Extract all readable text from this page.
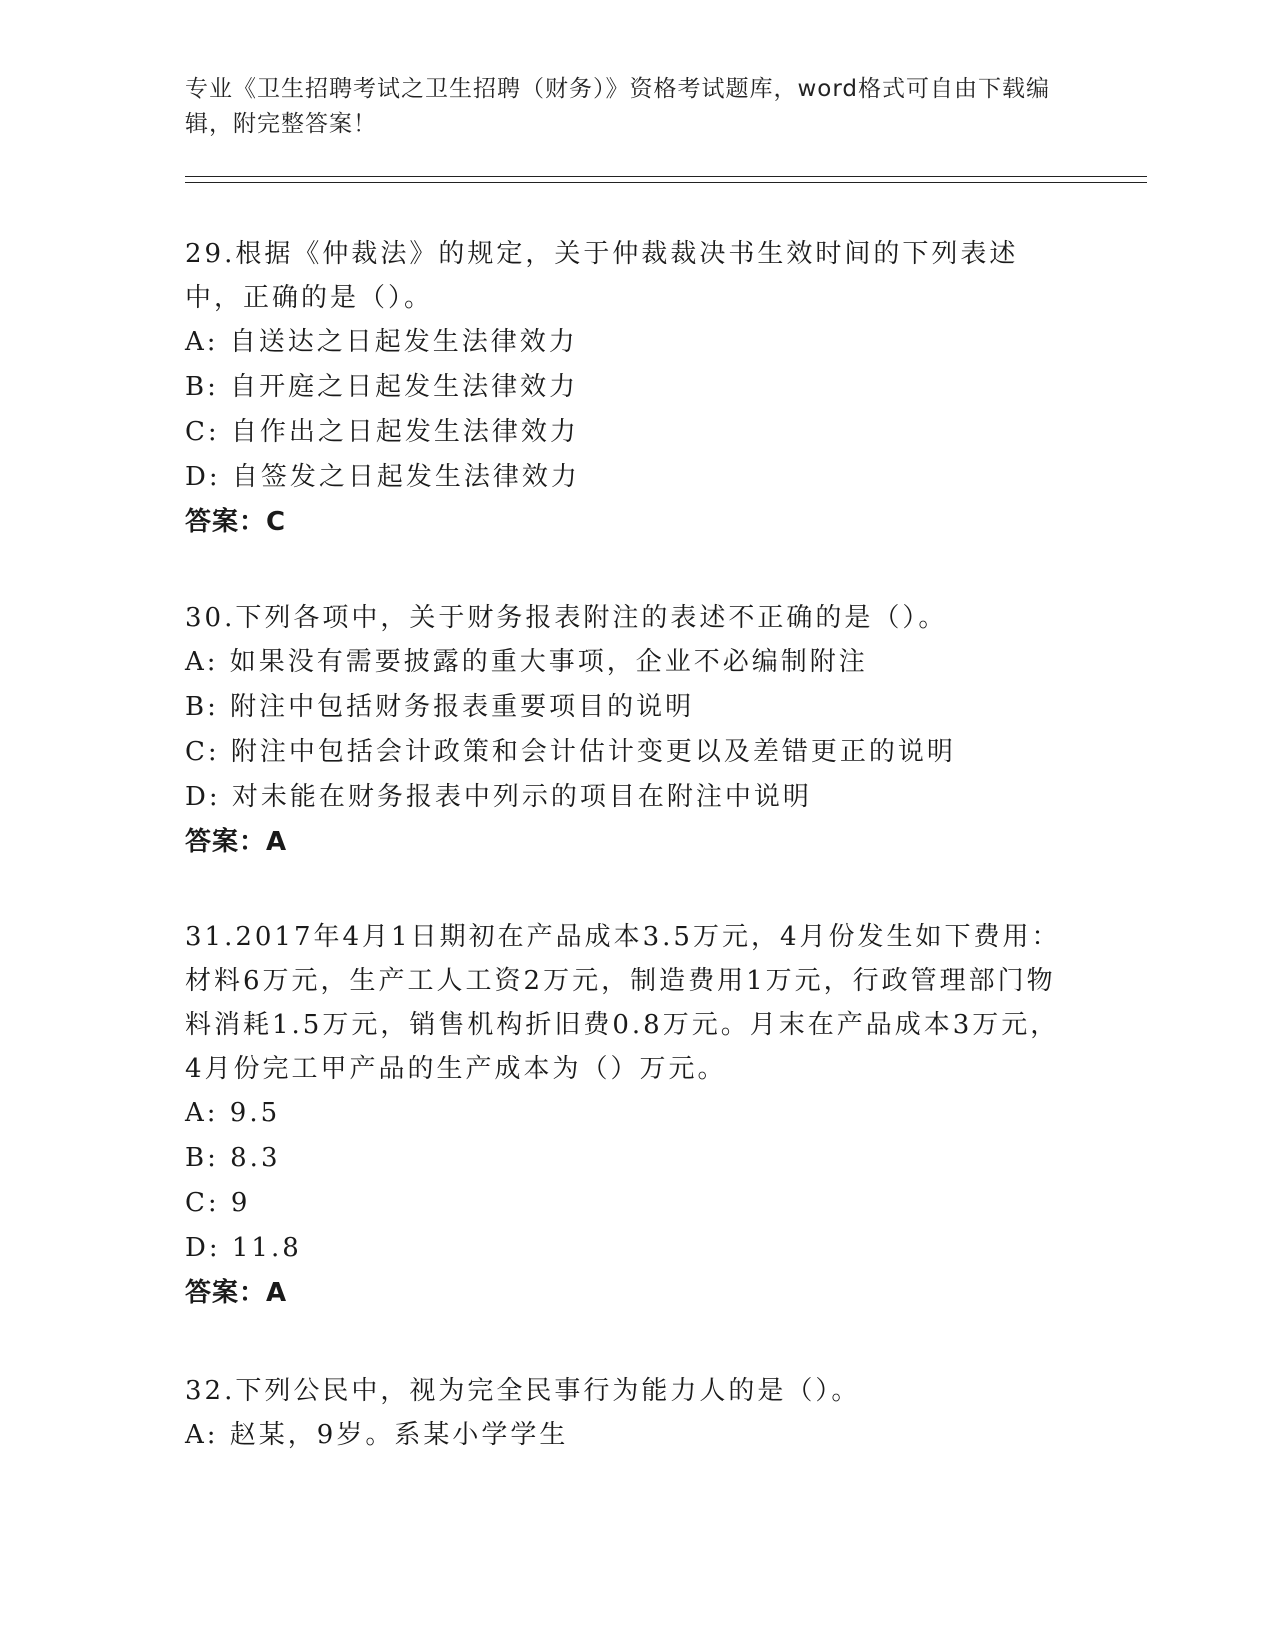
专业《卫生招聘考试之卫生招聘（财务）》资格考试题库，word格式可自由下载编辑，附完整答案！
29.根据《仲裁法》的规定，关于仲裁裁决书生效时间的下列表述中，正确的是（）。
A: 自送达之日起发生法律效力
B: 自开庭之日起发生法律效力
C: 自作出之日起发生法律效力
D: 自签发之日起发生法律效力
答案：C
30.下列各项中，关于财务报表附注的表述不正确的是（）。
A: 如果没有需要披露的重大事项，企业不必编制附注
B: 附注中包括财务报表重要项目的说明
C: 附注中包括会计政策和会计估计变更以及差错更正的说明
D: 对未能在财务报表中列示的项目在附注中说明
答案：A
31.2017年4月1日期初在产品成本3.5万元，4月份发生如下费用：材料6万元，生产工人工资2万元，制造费用1万元，行政管理部门物料消耗1.5万元，销售机构折旧费0.8万元。月末在产品成本3万元，4月份完工甲产品的生产成本为（）万元。
A: 9.5
B: 8.3
C: 9
D: 11.8
答案：A
32.下列公民中，视为完全民事行为能力人的是（）。
A: 赵某，9岁。系某小学学生
